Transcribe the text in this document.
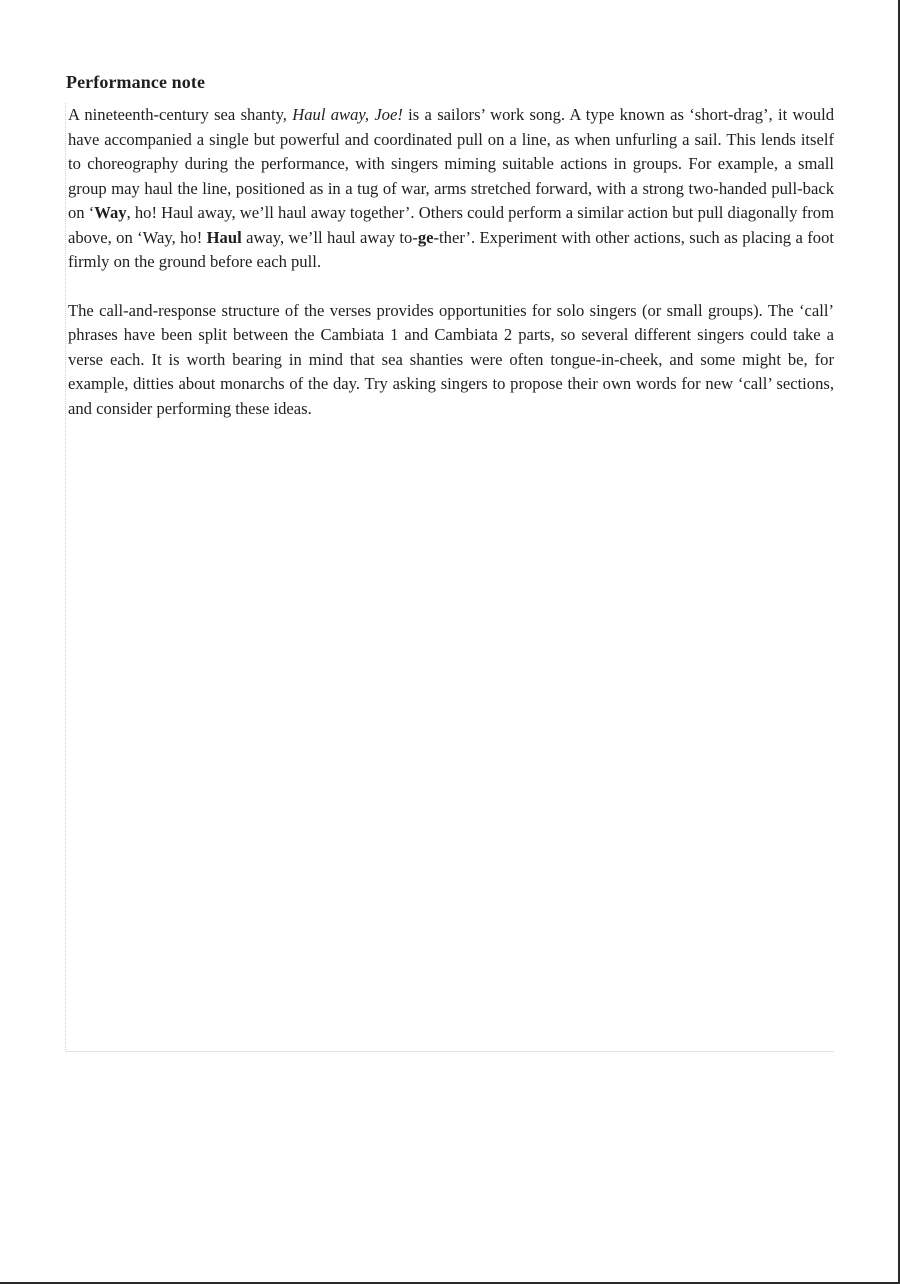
Performance note

A nineteenth-century sea shanty, Haul away, Joe! is a sailors’ work song. A type known as ‘short-drag’, it would have accompanied a single but powerful and coordinated pull on a line, as when unfurling a sail. This lends itself to choreography during the performance, with singers miming suitable actions in groups. For example, a small group may haul the line, positioned as in a tug of war, arms stretched forward, with a strong two-handed pull-back on ‘Way, ho! Haul away, we’ll haul away together’. Others could perform a similar action but pull diagonally from above, on ‘Way, ho! Haul away, we’ll haul away to-ge-ther’. Experiment with other actions, such as placing a foot firmly on the ground before each pull.

The call-and-response structure of the verses provides opportunities for solo singers (or small groups). The ‘call’ phrases have been split between the Cambiata 1 and Cambiata 2 parts, so several different singers could take a verse each. It is worth bearing in mind that sea shanties were often tongue-in-cheek, and some might be, for example, ditties about monarchs of the day. Try asking singers to propose their own words for new ‘call’ sections, and consider performing these ideas.
